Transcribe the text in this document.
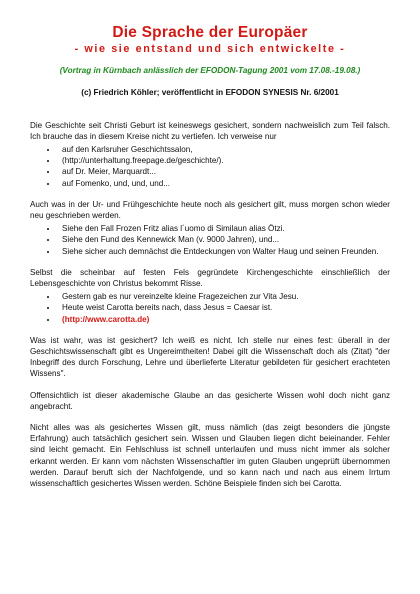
Die Sprache der Europäer
- wie sie entstand und sich entwickelte -
(Vortrag in Kürnbach anlässlich der EFODON-Tagung 2001 vom 17.08.-19.08.)
(c) Friedrich Köhler; veröffentlicht in EFODON SYNESIS Nr. 6/2001

Die Geschichte seit Christi Geburt ist keineswegs gesichert, sondern nachweislich zum Teil falsch. Ich brauche das in diesem Kreise nicht zu vertiefen. Ich verweise nur

• auf den Karlsruher Geschichtssalon,
• (http://unterhaltung.freepage.de/geschichte/).
• auf Dr. Meier, Marquardt...
• auf Fomenko, und, und, und...

Auch was in der Ur- und Frühgeschichte heute noch als gesichert gilt, muss morgen schon wieder neu geschrieben werden.

• Siehe den Fall Frozen Fritz alias l´uomo di Similaun alias Ötzi.
• Siehe den Fund des Kennewick Man (v. 9000 Jahren), und...
• Siehe sicher auch demnächst die Entdeckungen von Walter Haug und seinen Freunden.

Selbst die scheinbar auf festen Fels gegründete Kirchengeschichte einschließlich der Lebensgeschichte von Christus bekommt Risse.

• Gestern gab es nur vereinzelte kleine Fragezeichen zur Vita Jesu.
• Heute weist Carotta bereits nach, dass Jesus = Caesar ist.
• (http://www.carotta.de)

Was ist wahr, was ist gesichert? Ich weiß es nicht. Ich stelle nur eines fest: überall in der Geschichtswissenschaft gibt es Ungereimtheiten! Dabei gilt die Wissenschaft doch als (Zitat) "der Inbegriff des durch Forschung, Lehre und überlieferte Literatur gebildeten für gesichert erachteten Wissens".

Offensichtlich ist dieser akademische Glaube an das gesicherte Wissen wohl doch nicht ganz angebracht.

Nicht alles was als gesichertes Wissen gilt, muss nämlich (das zeigt besonders die jüngste Erfahrung) auch tatsächlich gesichert sein. Wissen und Glauben liegen dicht beieinander. Fehler sind leicht gemacht. Ein Fehlschluss ist schnell unterlaufen und muss nicht immer als solcher erkannt werden. Er kann vom nächsten Wissenschaftler im guten Glauben ungeprüft übernommen werden. Darauf beruft sich der Nachfolgende, und so kann nach und nach aus einem Irrtum wissenschaftlich gesichertes Wissen werden. Schöne Beispiele finden sich bei Carotta.
